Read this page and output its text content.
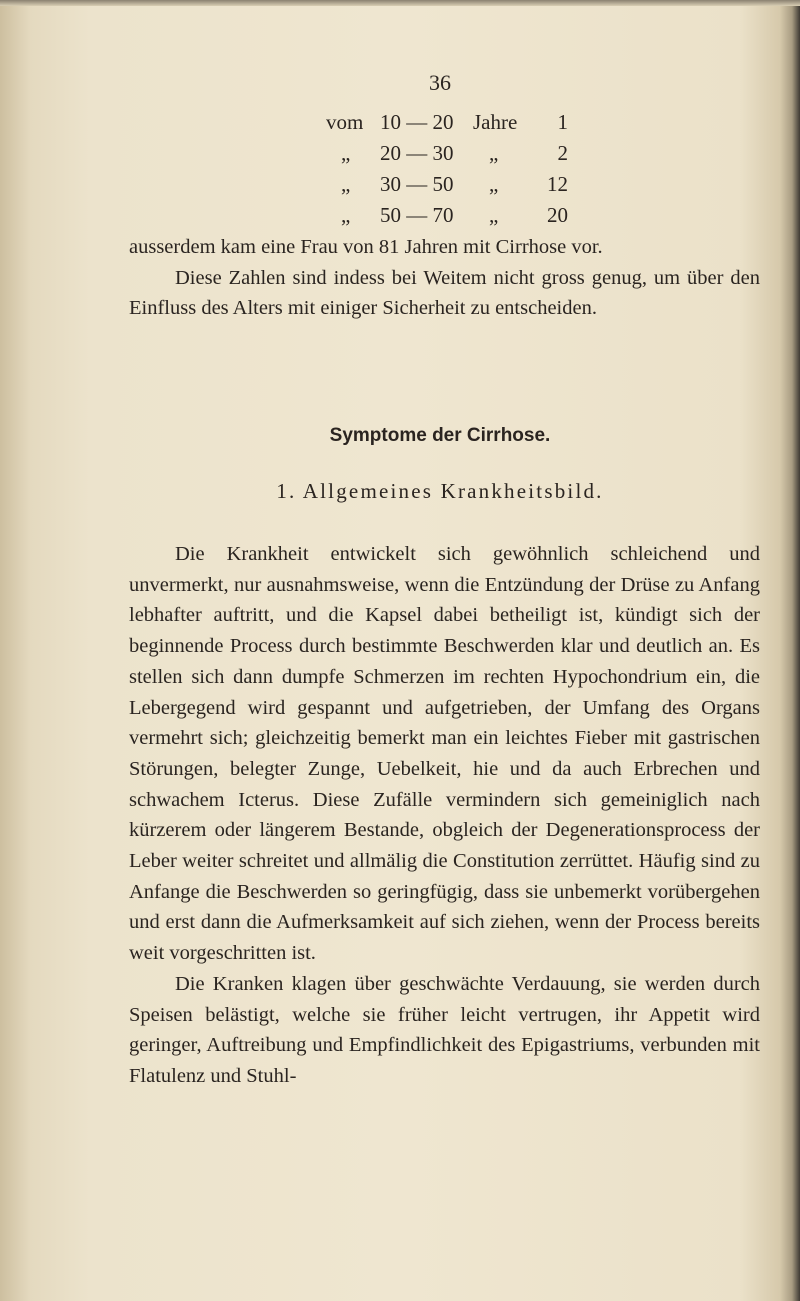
36
vom 10 — 20 Jahre 1
„ 20 — 30 „	2
„ 30 — 50 „ 12
„ 50 — 70 „ 20

ausserdem kam eine Frau von 81 Jahren mit Cirrhose vor.

Diese Zahlen sind indess bei Weitem nicht gross genug, um über den Einfluss des Alters mit einiger Sicherheit zu entscheiden.

Symptome der Cirrhose.
1. Allgemeines Krankheitsbild.

Die Krankheit entwickelt sich gewöhnlich schleichend und unvermerkt, nur ausnahmsweise, wenn die Entzündung der Drüse zu Anfang lebhafter auftritt, und die Kapsel dabei betheiligt ist, kündigt sich der beginnende Process durch bestimmte Beschwerden klar und deutlich an. Es stellen sich dann dumpfe Schmerzen im rechten Hypochondrium ein, die Lebergegend wird gespannt und aufgetrieben, der Umfang des Organs vermehrt sich; gleichzeitig bemerkt man ein leichtes Fieber mit gastrischen Störungen, belegter Zunge, Uebelkeit, hie und da auch Erbrechen und schwachem Icterus. Diese Zufälle vermindern sich gemeiniglich nach kürzerem oder längerem Bestande, obgleich der Degenerationsprocess der Leber weiter schreitet und allmälig die Constitution zerrüttet. Häufig sind zu Anfange die Beschwerden so geringfügig, dass sie unbemerkt vorübergehen und erst dann die Aufmerksamkeit auf sich ziehen, wenn der Process bereits weit vorgeschritten ist.

Die Kranken klagen über geschwächte Verdauung, sie werden durch Speisen belästigt, welche sie früher leicht vertrugen, ihr Appetit wird geringer, Auftreibung und Empfindlichkeit des Epigastriums, verbunden mit Flatulenz und Stuhl-
